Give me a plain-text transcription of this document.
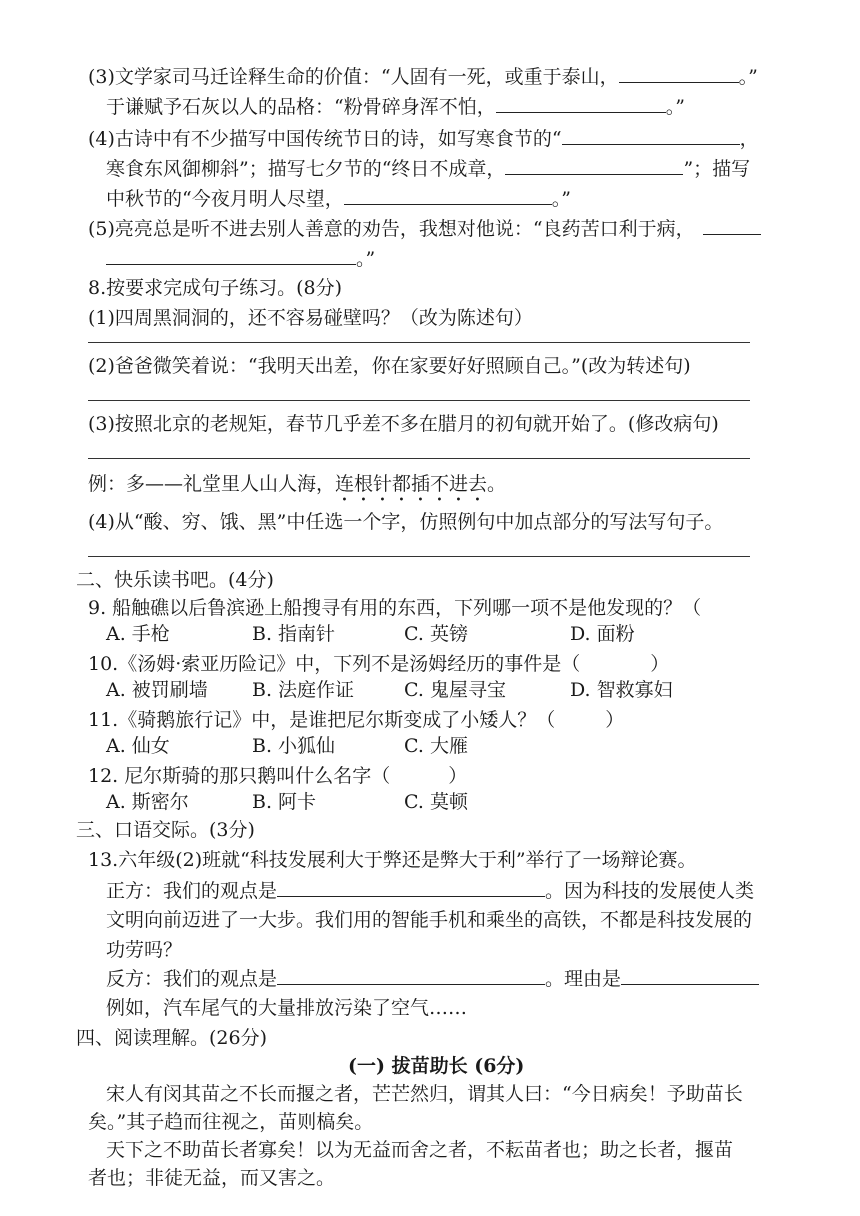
(3)文学家司马迁诠释生命的价值：“人固有一死，或重于泰山，	。”
于谦赋予石灰以人的品格：“粉骨碎身浑不怕，	。”
(4)古诗中有不少描写中国传统节日的诗，如写寒食节的“	，
寒食东风御柳斜”；描写七夕节的“终日不成章，	”；描写
中秋节的“今夜月明人尽望，	。”
(5)亮亮总是听不进去别人善意的劝告，我想对他说：“良药苦口利于病，
。”
8.按要求完成句子练习。(8分)
(1)四周黑洞洞的，还不容易碰壁吗？（改为陈述句）
(2)爸爸微笑着说：“我明天出差，你在家要好好照顾自己。”(改为转述句)
(3)按照北京的老规矩，春节几乎差不多在腊月的初旬就开始了。(修改病句)
例：多——礼堂里人山人海，连根针都插不进去。
(4)从“酸、穷、饿、黑”中任选一个字，仿照例句中加点部分的写法写句子。
二、快乐读书吧。(4分)
9. 船触礁以后鲁滨逊上船搜寻有用的东西，下列哪一项不是他发现的？（
A. 手枪	B. 指南针	C. 英镑	D. 面粉
10.《汤姆·索亚历险记》中，下列不是汤姆经历的事件是（	）
A. 被罚刷墙 B. 法庭作证	C. 鬼屋寻宝	D. 智救寡妇
11.《骑鹅旅行记》中，是谁把尼尔斯变成了小矮人？（	）
A. 仙女	B. 小狐仙	C. 大雁
12. 尼尔斯骑的那只鹅叫什么名字（	）
A. 斯密尔	B. 阿卡	C. 莫顿
三、口语交际。(3分)
13.六年级(2)班就“科技发展利大于弊还是弊大于利”举行了一场辩论赛。
正方：我们的观点是	。因为科技的发展使人类
文明向前迈进了一大步。我们用的智能手机和乘坐的高铁，不都是科技发展的
功劳吗？
反方：我们的观点是	。理由是
例如，汽车尾气的大量排放污染了空气……
四、阅读理解。(26分)
(一) 拔苗助长 (6分)
宋人有闵其苗之不长而揠之者，芒芒然归，谓其人曰：“今日病矣！予助苗长
矣。”其子趋而往视之，苗则槁矣。
天下之不助苗长者寡矣！以为无益而舍之者，不耘苗者也；助之长者，揠苗
者也；非徒无益，而又害之。
